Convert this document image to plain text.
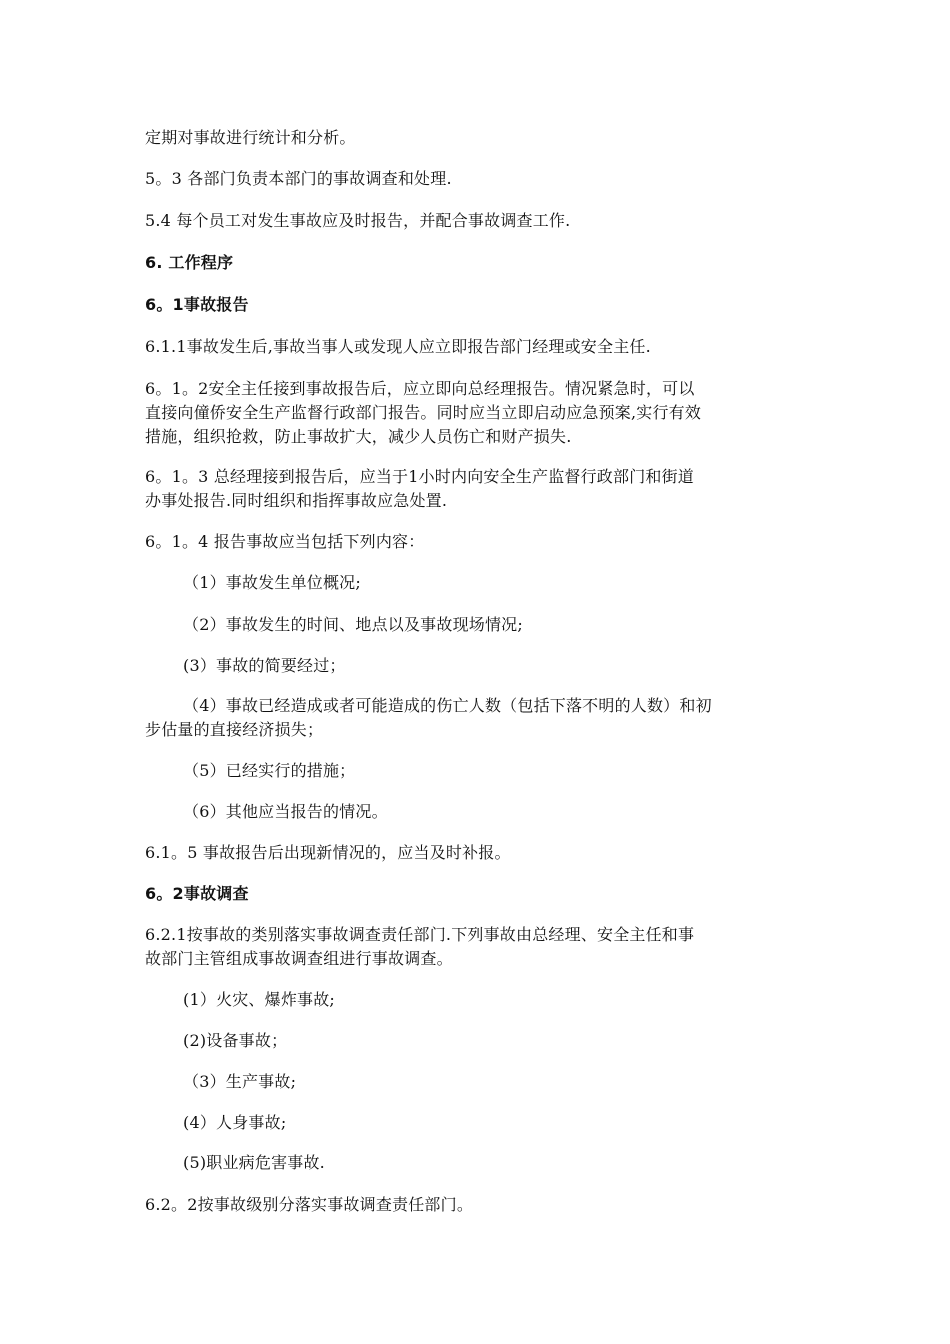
定期对事故进行统计和分析。
5。3 各部门负责本部门的事故调查和处理.
5.4 每个员工对发生事故应及时报告，并配合事故调查工作.
6. 工作程序
6。1事故报告
6.1.1事故发生后,事故当事人或发现人应立即报告部门经理或安全主任.
6。1。2安全主任接到事故报告后，应立即向总经理报告。情况紧急时，可以
直接向僮侨安全生产监督行政部门报告。同时应当立即启动应急预案,实行有效
措施，组织抢救，防止事故扩大，减少人员伤亡和财产损失.
6。1。3 总经理接到报告后，应当于1小时内向安全生产监督行政部门和街道
办事处报告.同时组织和指挥事故应急处置.
6。1。4 报告事故应当包括下列内容：
（1）事故发生单位概况;
（2）事故发生的时间、地点以及事故现场情况;
(3）事故的简要经过；
（4）事故已经造成或者可能造成的伤亡人数（包括下落不明的人数）和初
步估量的直接经济损失；
（5）已经实行的措施；
（6）其他应当报告的情况。
6.1。5 事故报告后出现新情况的，应当及时补报。
6。2事故调查
6.2.1按事故的类别落实事故调查责任部门.下列事故由总经理、安全主任和事
故部门主管组成事故调查组进行事故调查。
(1）火灾、爆炸事故;
(2)设备事故；
（3）生产事故;
(4）人身事故;
(5)职业病危害事故.
6.2。2按事故级别分落实事故调查责任部门。
